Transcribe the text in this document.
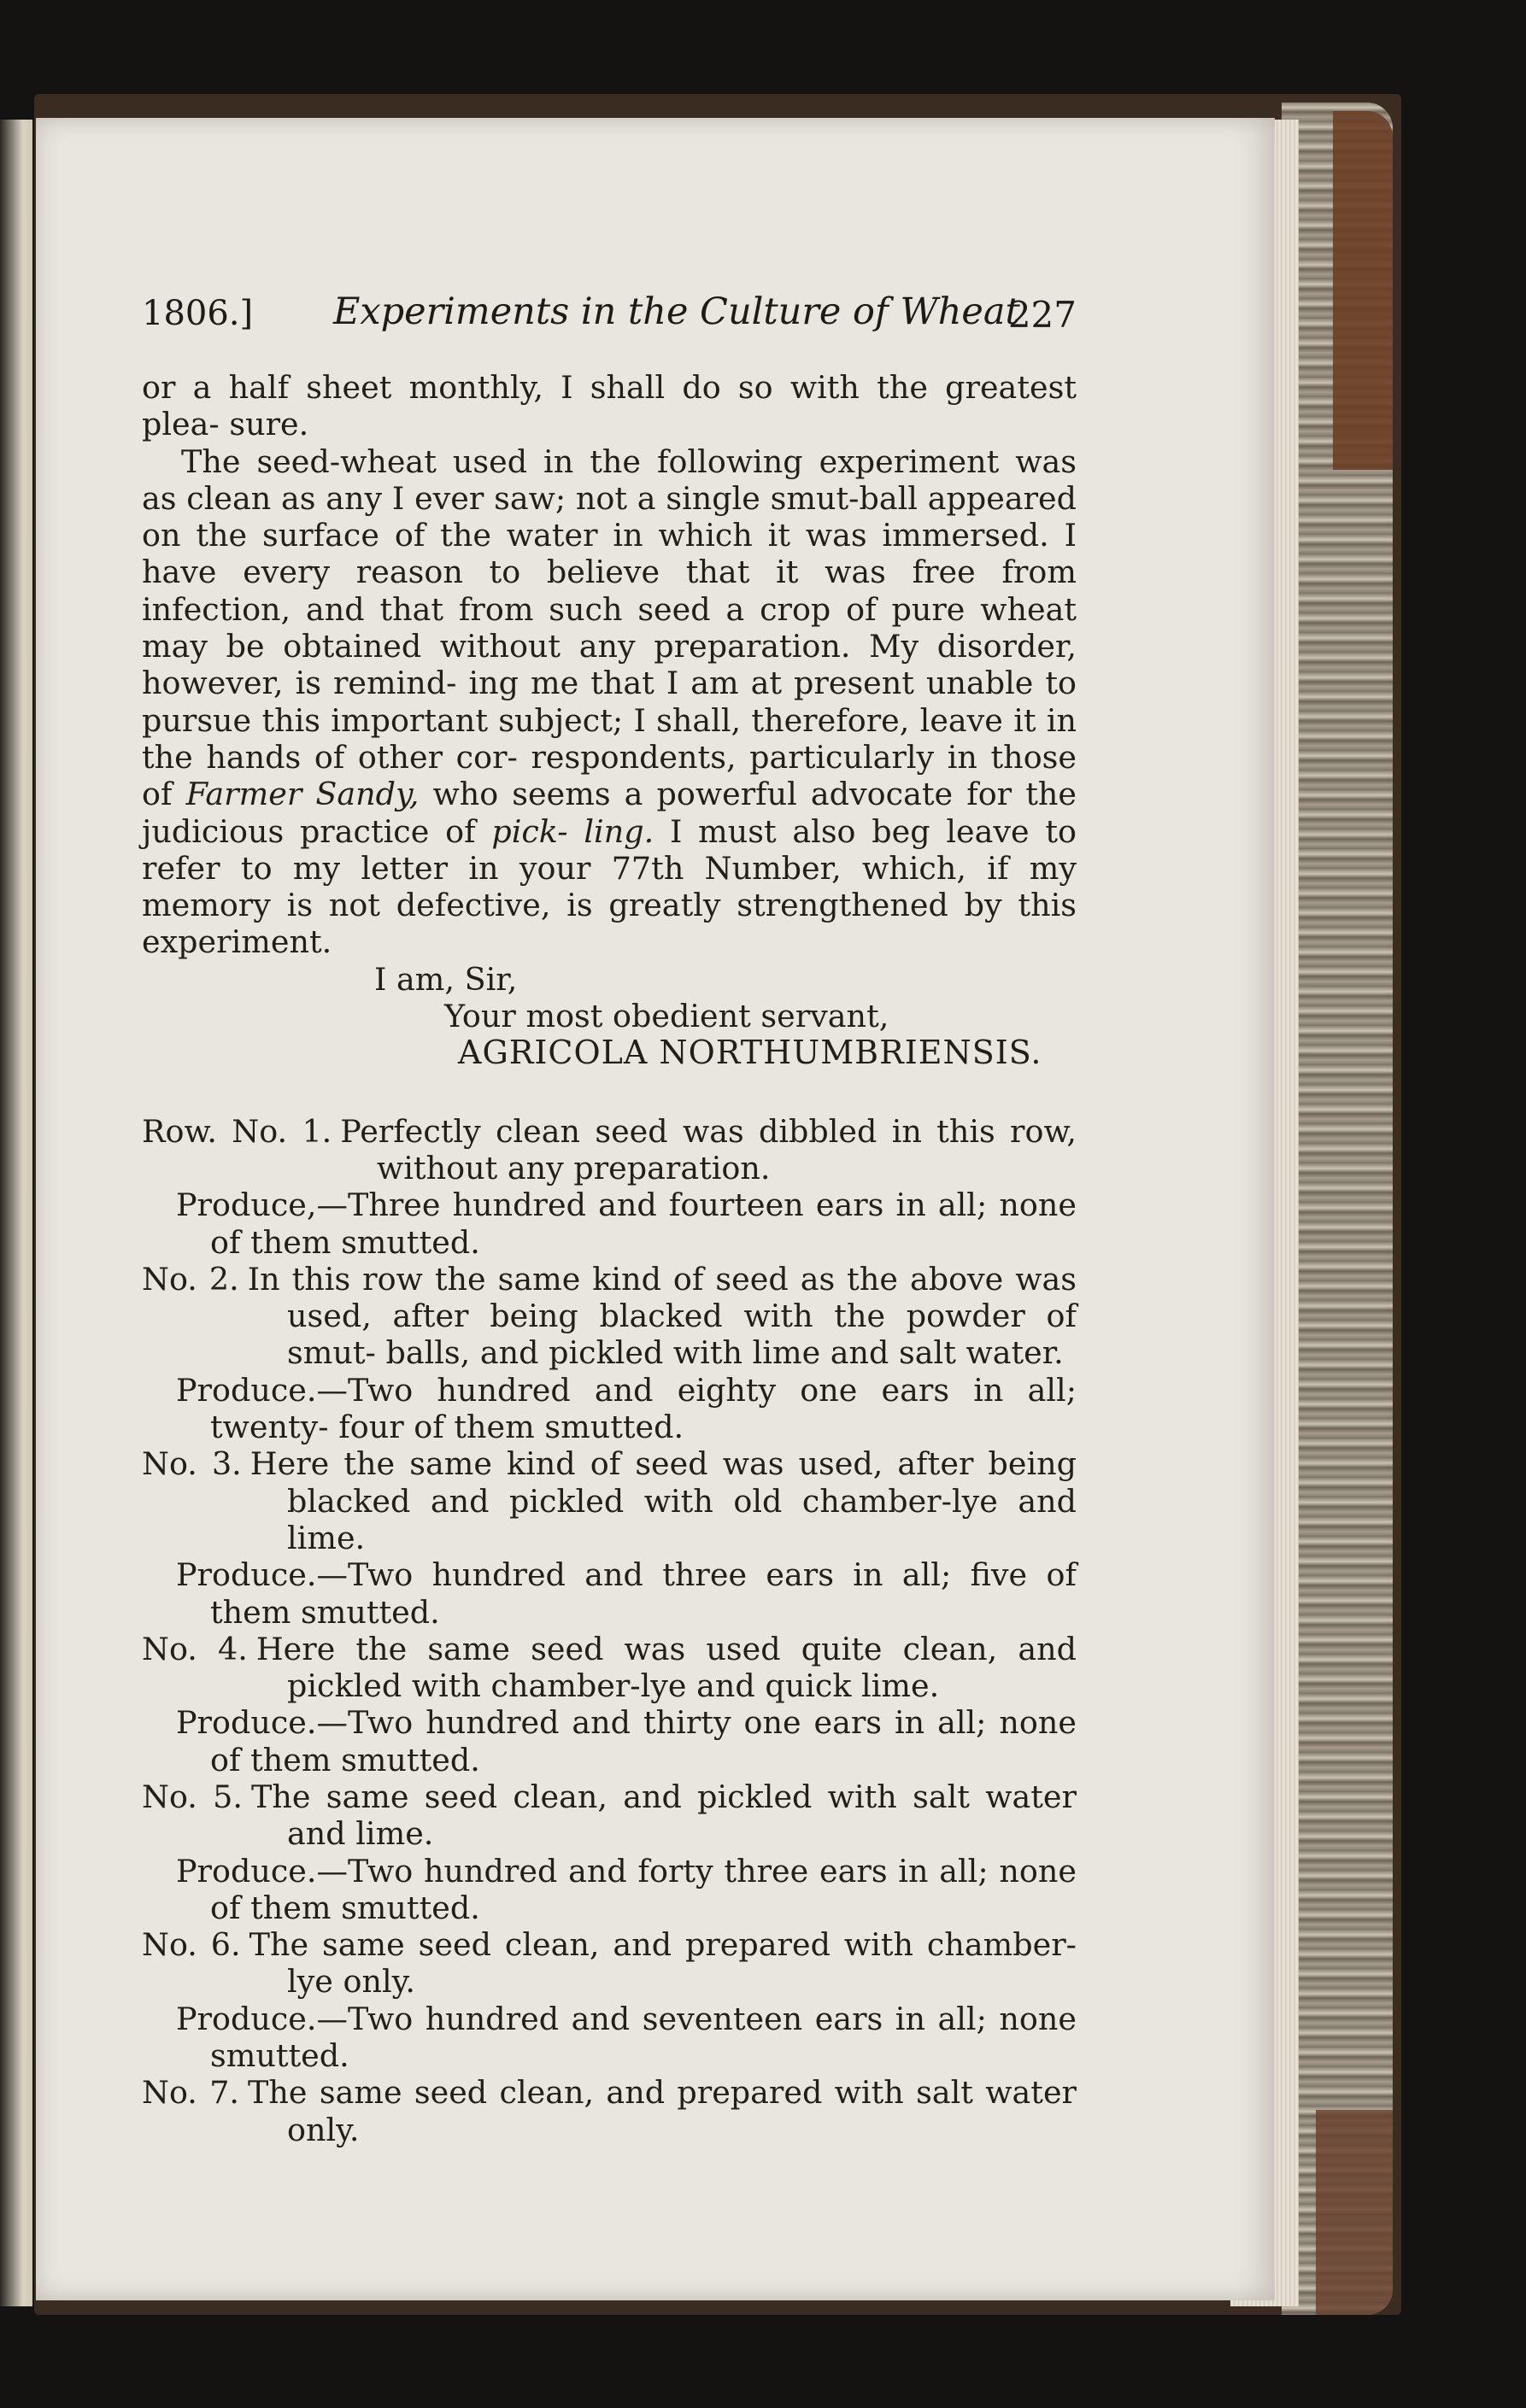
1806.] Experiments in the Culture of Wheat
227

or a half sheet monthly, I shall do so with the greatest plea- sure.

The seed-wheat used in the following experiment was as clean as any I ever saw; not a single smut-ball appeared on the surface of the water in which it was immersed. I have every reason to believe that it was free from infection, and that from such seed a crop of pure wheat may be obtained without any preparation. My disorder, however, is remind- ing me that I am at present unable to pursue this important subject; I shall, therefore, leave it in the hands of other cor- respondents, particularly in those of Farmer Sandy, who seems a powerful advocate for the judicious practice of pick- ling. I must also beg leave to refer to my letter in your 77th Number, which, if my memory is not defective, is greatly strengthened by this experiment.

I am, Sir,

Your most obedient servant,

AGRICOLA NORTHUMBRIENSIS.

Row. No. 1. Perfectly clean seed was dibbled in this row, without any preparation.

Produce,—Three hundred and fourteen ears in all; none of them smutted.

No. 2. In this row the same kind of seed as the above was used, after being blacked with the powder of smut- balls, and pickled with lime and salt water.

Produce.—Two hundred and eighty one ears in all; twenty- four of them smutted.

No. 3. Here the same kind of seed was used, after being blacked and pickled with old chamber-lye and lime.

Produce.—Two hundred and three ears in all; five of them smutted.

No. 4. Here the same seed was used quite clean, and pickled with chamber-lye and quick lime.

Produce.—Two hundred and thirty one ears in all; none of them smutted.

No. 5. The same seed clean, and pickled with salt water and lime.

Produce.—Two hundred and forty three ears in all; none of them smutted.

No. 6. The same seed clean, and prepared with chamber-lye only.

Produce.—Two hundred and seventeen ears in all; none smutted.

No. 7. The same seed clean, and prepared with salt water only.
